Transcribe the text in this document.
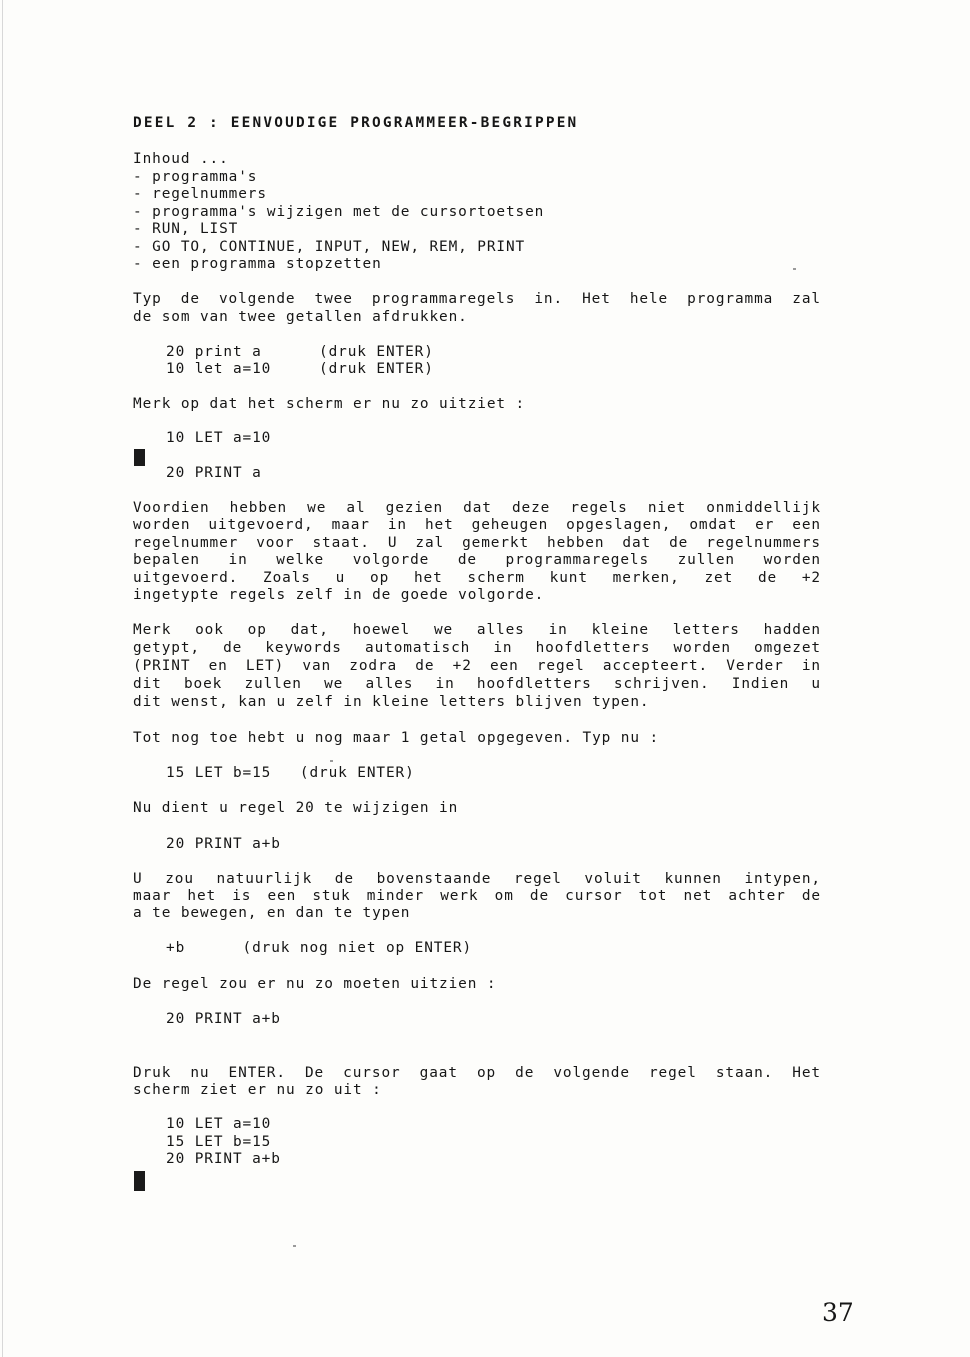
DEEL 2 : EENVOUDIGE PROGRAMMEER-BEGRIPPEN

Inhoud ...

- programma's

- regelnummers

- programma's wijzigen met de cursortoetsen

- RUN, LIST

- GO TO, CONTINUE, INPUT, NEW, REM, PRINT

- een programma stopzetten

Typ de volgende twee programmaregels in. Het hele programma zal

de som van twee getallen afdrukken.

20 print a      (druk ENTER)

10 let a=10     (druk ENTER)

Merk op dat het scherm er nu zo uitziet :

10 LET a=10

20 PRINT a

Voordien hebben we al gezien dat deze regels niet onmiddellijk

worden uitgevoerd, maar in het geheugen opgeslagen, omdat er een

regelnummer voor staat. U zal gemerkt hebben dat de regelnummers

bepalen in welke volgorde de programmaregels zullen worden

uitgevoerd. Zoals u op het scherm kunt merken, zet de +2

ingetypte regels zelf in de goede volgorde.

Merk ook op dat, hoewel we alles in kleine letters hadden

getypt, de keywords automatisch in hoofdletters worden omgezet

(PRINT en LET) van zodra de +2 een regel accepteert. Verder in

dit boek zullen we alles in hoofdletters schrijven. Indien u

dit wenst, kan u zelf in kleine letters blijven typen.

Tot nog toe hebt u nog maar 1 getal opgegeven. Typ nu :

15 LET b=15   (druk ENTER)

Nu dient u regel 20 te wijzigen in

20 PRINT a+b

U zou natuurlijk de bovenstaande regel voluit kunnen intypen,

maar het is een stuk minder werk om de cursor tot net achter de

a te bewegen, en dan te typen

+b      (druk nog niet op ENTER)

De regel zou er nu zo moeten uitzien :

20 PRINT a+b

Druk nu ENTER. De cursor gaat op de volgende regel staan. Het

scherm ziet er nu zo uit :

10 LET a=10

15 LET b=15

20 PRINT a+b

37
